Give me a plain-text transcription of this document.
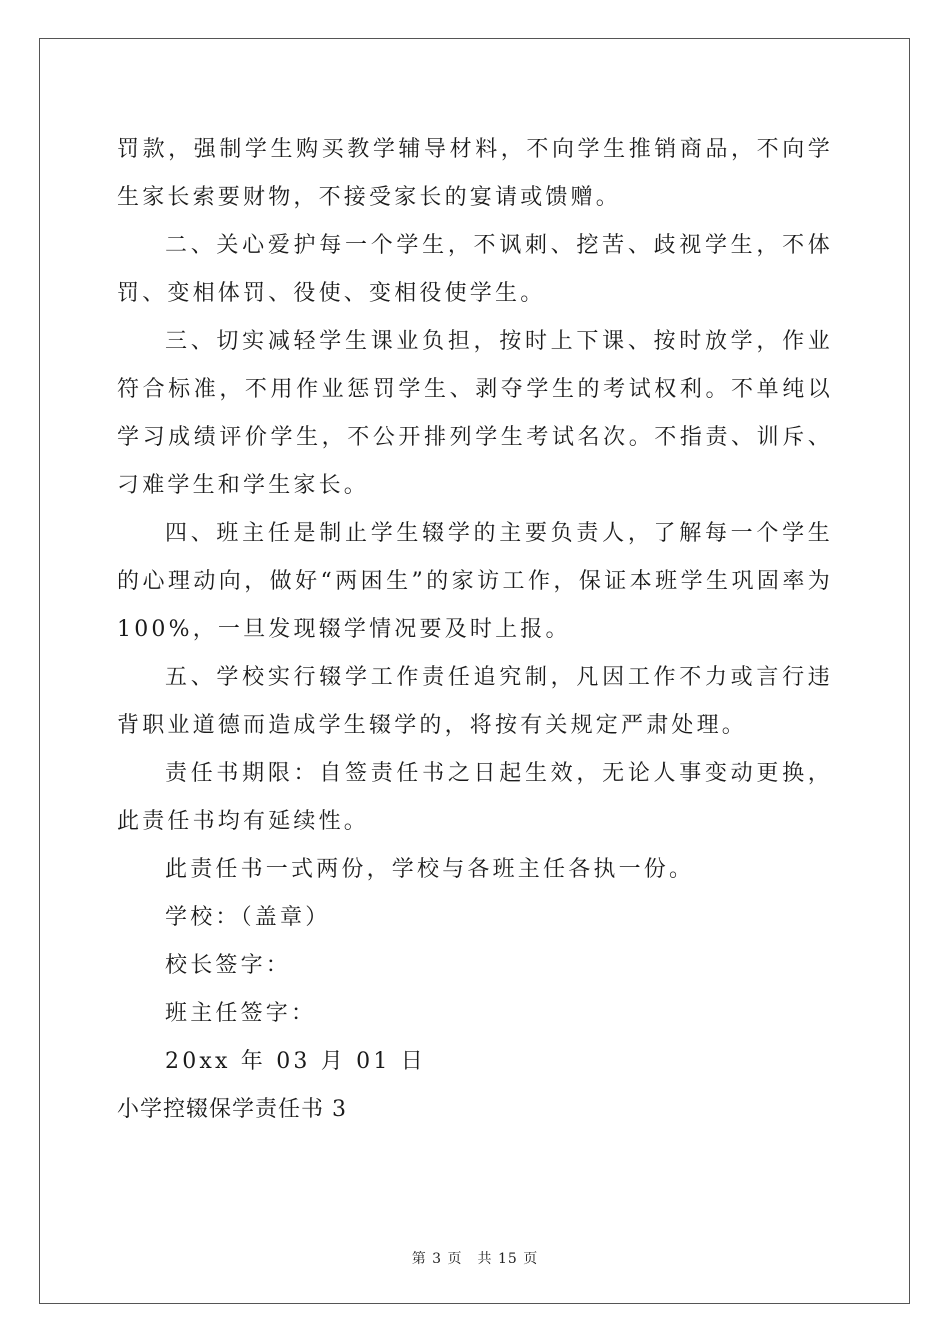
罚款，强制学生购买教学辅导材料，不向学生推销商品，不向学生家长索要财物，不接受家长的宴请或馈赠。

二、关心爱护每一个学生，不讽刺、挖苦、歧视学生，不体罚、变相体罚、役使、变相役使学生。

三、切实减轻学生课业负担，按时上下课、按时放学，作业符合标准，不用作业惩罚学生、剥夺学生的考试权利。不单纯以学习成绩评价学生，不公开排列学生考试名次。不指责、训斥、刁难学生和学生家长。

四、班主任是制止学生辍学的主要负责人，了解每一个学生的心理动向，做好“两困生”的家访工作，保证本班学生巩固率为100%，一旦发现辍学情况要及时上报。

五、学校实行辍学工作责任追究制，凡因工作不力或言行违背职业道德而造成学生辍学的，将按有关规定严肃处理。

责任书期限：自签责任书之日起生效，无论人事变动更换，此责任书均有延续性。

此责任书一式两份，学校与各班主任各执一份。

学校：（盖章）

校长签字：

班主任签字：

20xx 年 03 月 01 日

小学控辍保学责任书 3

第 3 页　共 15 页
